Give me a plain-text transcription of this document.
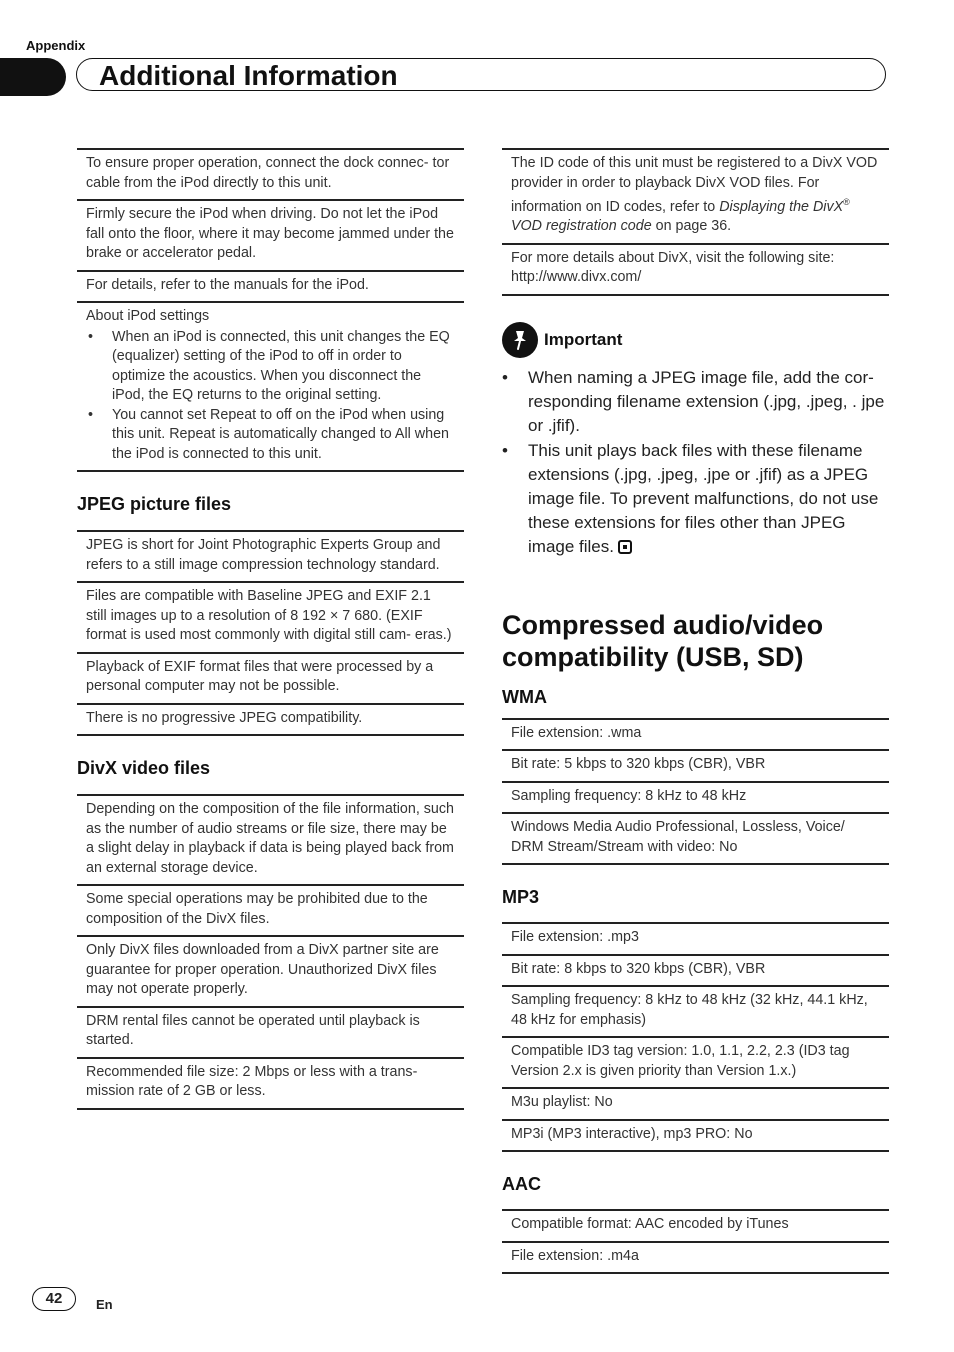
Appendix
Additional Information
To ensure proper operation, connect the dock connec- tor cable from the iPod directly to this unit.
Firmly secure the iPod when driving. Do not let the iPod fall onto the floor, where it may become jammed under the brake or accelerator pedal.
For details, refer to the manuals for the iPod.
About iPod settings
• When an iPod is connected, this unit changes the EQ (equalizer) setting of the iPod to off in order to optimize the acoustics. When you disconnect the iPod, the EQ returns to the original setting.
• You cannot set Repeat to off on the iPod when using this unit. Repeat is automatically changed to All when the iPod is connected to this unit.
JPEG picture files
JPEG is short for Joint Photographic Experts Group and refers to a still image compression technology standard.
Files are compatible with Baseline JPEG and EXIF 2.1 still images up to a resolution of 8 192 × 7 680. (EXIF format is used most commonly with digital still cam- eras.)
Playback of EXIF format files that were processed by a personal computer may not be possible.
There is no progressive JPEG compatibility.
DivX video files
Depending on the composition of the file information, such as the number of audio streams or file size, there may be a slight delay in playback if data is being played back from an external storage device.
Some special operations may be prohibited due to the composition of the DivX files.
Only DivX files downloaded from a DivX partner site are guarantee for proper operation. Unauthorized DivX files may not operate properly.
DRM rental files cannot be operated until playback is started.
Recommended file size: 2 Mbps or less with a trans- mission rate of 2 GB or less.
The ID code of this unit must be registered to a DivX VOD provider in order to playback DivX VOD files. For information on ID codes, refer to Displaying the DivX® VOD registration code on page 36.
For more details about DivX, visit the following site: http://www.divx.com/
Important
• When naming a JPEG image file, add the cor- responding filename extension (.jpg, .jpeg, . jpe or .jfif).
• This unit plays back files with these filename extensions (.jpg, .jpeg, .jpe or .jfif) as a JPEG image file. To prevent malfunctions, do not use these extensions for files other than JPEG image files.
Compressed audio/video compatibility (USB, SD)
WMA
File extension: .wma
Bit rate: 5 kbps to 320 kbps (CBR), VBR
Sampling frequency: 8 kHz to 48 kHz
Windows Media Audio Professional, Lossless, Voice/ DRM Stream/Stream with video: No
MP3
File extension: .mp3
Bit rate: 8 kbps to 320 kbps (CBR), VBR
Sampling frequency: 8 kHz to 48 kHz (32 kHz, 44.1 kHz, 48 kHz for emphasis)
Compatible ID3 tag version: 1.0, 1.1, 2.2, 2.3 (ID3 tag Version 2.x is given priority than Version 1.x.)
M3u playlist: No
MP3i (MP3 interactive), mp3 PRO: No
AAC
Compatible format: AAC encoded by iTunes
File extension: .m4a
42	En
